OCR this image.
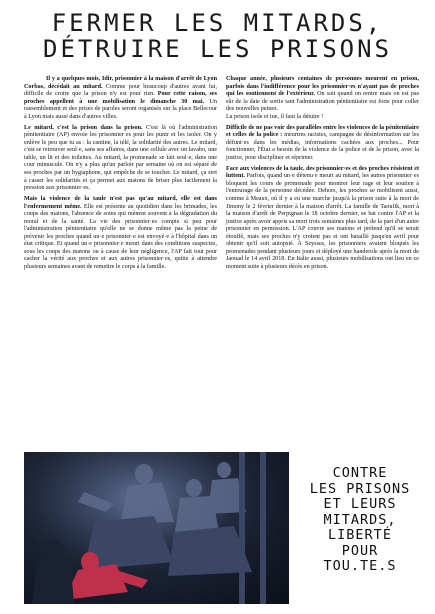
FERMER LES MITARDS,
DÉTRUIRE LES PRISONS

Il y a quelques mois, Idir, prisonnier à la maison d'arrêt de Lyon Corbas, décédait au mitard. Comme pour beaucoup d'autres avant lui, difficile de croire que la prison n'y est pour rien. Pour cette raison, ses proches appellent à une mobilisation le dimanche 30 mai. Un rassemblement et des prises de paroles seront organisés sur la place Bellecour à Lyon mais aussi dans d'autres villes.

Le mitard, c'est la prison dans la prison. C'est là où l'administration pénitentiaire (AP) envoie les prisonnier·es pour les punir et les isoler. On y enlève le peu que tu as : la cantine, la télé, la solidarité des autres. Le mitard, c'est se retrouver seul·e, sans ses affaires, dans une cellule avec un lavabo, une table, un lit et des toilettes. Au mitard, la promenade se fait seul·e, dans une cour minuscule. On n'y a plus qu'un parloir par semaine où on est séparé de ses proches par un hygiaphone, qui empêche de se toucher. Le mitard, ça sert à casser les solidarités et ça permet aux matons de briser plus facilement la pression aux prisonnier·es.

Mais la violence de la taule n'est pas qu'au mitard, elle est dans l'enfermement même. Elle est présente au quotidien dans les brimades, les coups des matons, l'absence de soins qui mènent souvent à la dégradation du moral et de la santé. La vie des prisonnier·es compte si peu pour l'administration pénitentiaire qu'elle ne se donne même pas la peine de prévenir les proches quand un·e prisonnier·e est envoyé·e à l'hôpital dans un état critique. Et quand un·e prisonnier·e meurt dans des conditions suspectes, sous les coups des matons ou à cause de leur négligence, l'AP fait tout pour cacher la vérité aux proches et aux autres prisonnier·es, quitte à attendre plusieurs semaines avant de remettre le corps à la famille.

Chaque année, plusieurs centaines de personnes meurent en prison, parfois dans l'indifférence pour les prisonnier·es n'ayant pas de proches qui les soutiennent de l'extérieur. On sait quand on rentre mais on est pas sûr de la date de sortie tant l'administration pénitentiaire est forte pour coller des nouvelles peines.
La prison isole et tue, il faut la détuire !

Difficile de ne pas voir des parallèles entre les violences de la pénitentiaire et celles de la police : meurtres racistes, campagne de désinformation sur les défunt·es dans les médias, informations cachées aux proches... Pour fonctionner, l'État a besoin de la violence de la police et de la prison, avec la justice, pour discipliner et réprimer.

Face aux violences de la taule, des prisonnier·es et des proches résistent et luttent. Parfois, quand un·e détenu·e meurt au mitard, les autres prisonnier·es bloquent les cours de promenade pour montrer leur rage et leur soutien à l'entourage de la personne décédée. Dehors, les proches se mobilisent aussi, comme à Meaux, où il y a eu une marche jusqu'à la prison suite à la mort de Jimony le 2 février dernier à la maison d'arrêt. La famille de Taoufik, mort à la maison d'arrêt de Perpignan le 18 octobre dernier, se bat contre l'AP et la justice après avoir appris sa mort trois semaines plus tard, de la part d'un autre prisonnier en permission. L'AP couvre ses matons et prétend qu'il se serait étouffé, mais ses proches n'y croient pas et ont bataillé jusqu'en avril pour obtenir qu'il soit autopsié. À Seysses, les prisonniers avaient bloqués les promenades pendant plusieurs jours et déployé une banderole après la mort de Jaouad le 14 avril 2018. En Italie aussi, plusieurs mobilisations ont lieu en ce moment suite à plusieurs décès en prison.

CONTRE
LES PRISONS
ET LEURS
MITARDS,
LIBERTÉ
POUR
TOU.TE.S
